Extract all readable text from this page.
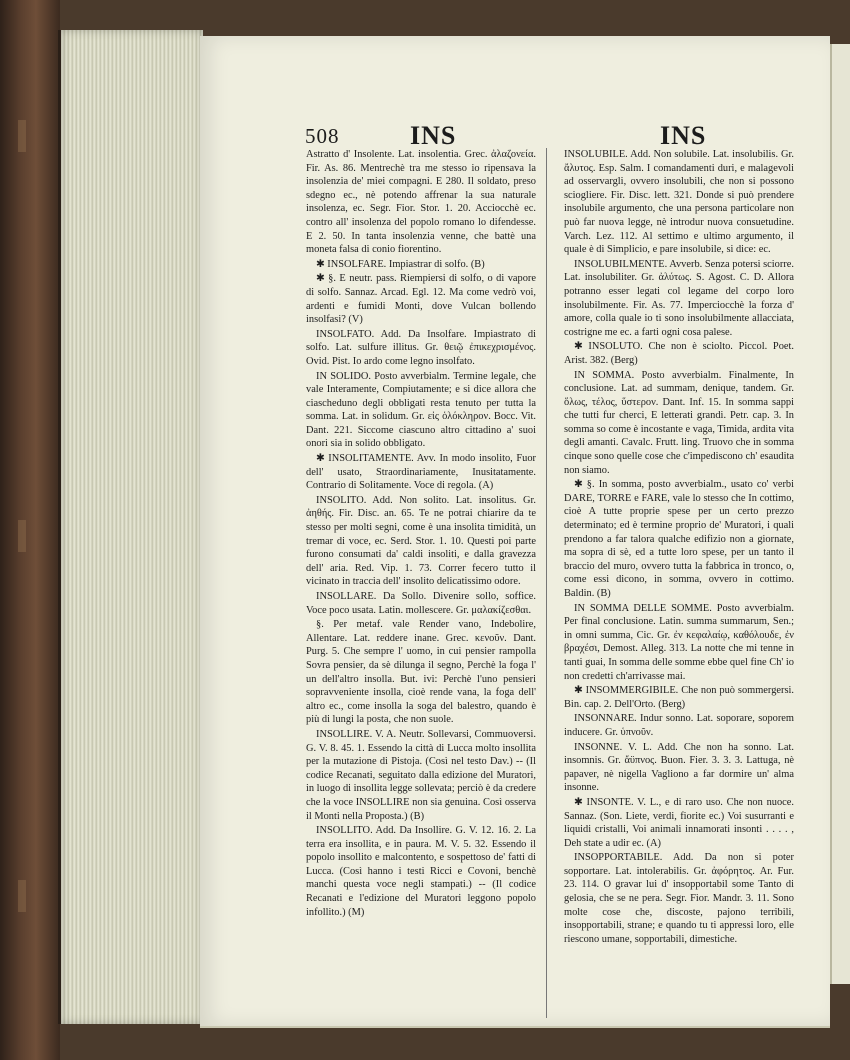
508	INS	INS

Astratto d' Insolente. Lat. insolentia. Grec. ἀλαζονεία. Fir. As. 86. Mentrechè tra me stesso io ripensava la insolenzia de' miei compagni. E 280. Il soldato, preso sdegno ec., nè potendo affrenar la sua naturale insolenza, ec. Segr. Fior. Stor. 1. 20. Acciocchè ec. contro all' insolenza del popolo romano lo difendesse. E 2. 50. In tanta insolenzia venne, che battè una moneta falsa di conio fiorentino.

✱ INSOLFARE. Impiastrar di solfo. (B)

✱ §. E neutr. pass. Riempiersi di solfo, o di vapore di solfo. Sannaz. Arcad. Egl. 12. Ma come vedrò voi, ardenti e fumidi Monti, dove Vulcan bollendo insolfasi? (V)

INSOLFATO. Add. Da Insolfare. Impiastrato di solfo. Lat. sulfure illitus. Gr. θειῷ ἐπικεχρισμένος. Ovid. Pist. Io ardo come legno insolfato.

IN SOLIDO. Posto avverbialm. Termine legale, che vale Interamente, Compiutamente; e si dice allora che ciascheduno degli obbligati resta tenuto per tutta la somma. Lat. in solidum. Gr. εἰς ὁλόκληρον. Bocc. Vit. Dant. 221. Siccome ciascuno altro cittadino a' suoi onori sia in solido obbligato.

✱ INSOLITAMENTE. Avv. In modo insolito, Fuor dell' usato, Straordinariamente, Inusitatamente. Contrario di Solitamente. Voce di regola. (A)

INSOLITO. Add. Non solito. Lat. insolitus. Gr. ἀηθής. Fir. Disc. an. 65. Te ne potrai chiarire da te stesso per molti segni, come è una insolita timidità, un tremar di voce, ec. Serd. Stor. 1. 10. Questi poi parte furono consumati da' caldi insoliti, e dalla gravezza dell' aria. Red. Vip. 1. 73. Correr fecero tutto il vicinato in traccia dell' insolito delicatissimo odore.

INSOLLARE. Da Sollo. Divenire sollo, soffice. Voce poco usata. Latin. mollescere. Gr. μαλακίζεσθαι.

§. Per metaf. vale Render vano, Indebolire, Allentare. Lat. reddere inane. Grec. κενοῦν. Dant. Purg. 5. Che sempre l' uomo, in cui pensier rampolla Sovra pensier, da sè dilunga il segno, Perchè la foga l' un dell'altro insolla. But. ivi: Perchè l'uno pensieri sopravveniente insolla, cioè rende vana, la foga dell' altro ec., come insolla la soga del balestro, quando è più di lungi la posta, che non suole.

INSOLLIRE. V. A. Neutr. Sollevarsi, Commuoversi. G. V. 8. 45. 1. Essendo la città di Lucca molto insollita per la mutazione di Pistoja. (Così nel testo Dav.) -- (Il codice Recanati, seguitato dalla edizione del Muratori, in luogo di insollita legge sollevata; perciò è da credere che la voce INSOLLIRE non sia genuina. Così osserva il Monti nella Proposta.) (B)

INSOLLITO. Add. Da Insollire. G. V. 12. 16. 2. La terra era insollita, e in paura. M. V. 5. 32. Essendo il popolo insollito e malcontento, e sospettoso de' fatti di Lucca. (Così hanno i testi Ricci e Covoni, benchè manchi questa voce negli stampati.) -- (Il codice Recanati e l'edizione del Muratori leggono popolo infollito.) (M)

INSOLUBILE. Add. Non solubile. Lat. insolubilis. Gr. ἄλυτος. Esp. Salm. I comandamenti duri, e malagevoli ad osservargli, ovvero insolubili, che non si possono sciogliere. Fir. Disc. lett. 321. Donde si può prendere insolubile argumento, che una persona particolare non può far nuova legge, nè introdur nuova consuetudine. Varch. Lez. 112. Al settimo e ultimo argumento, il quale è di Simplicio, e pare insolubile, si dice: ec.

INSOLUBILMENTE. Avverb. Senza potersi sciorre. Lat. insolubiliter. Gr. ἀλύτως. S. Agost. C. D. Allora potranno esser legati col legame del corpo loro insolubilmente. Fir. As. 77. Imperciocchè la forza d' amore, colla quale io ti sono insolubilmente allacciata, costrigne me ec. a farti ogni cosa palese.

✱ INSOLUTO. Che non è sciolto. Piccol. Poet. Arist. 382. (Berg)

IN SOMMA. Posto avverbialm. Finalmente, In conclusione. Lat. ad summam, denique, tandem. Gr. ὅλως, τέλος, ὕστερον. Dant. Inf. 15. In somma sappi che tutti fur cherci, E letterati grandi. Petr. cap. 3. In somma so come è incostante e vaga, Timida, ardita vita degli amanti. Cavalc. Frutt. ling. Truovo che in somma cinque sono quelle cose che c'impediscono ch' esaudita non siamo.

✱ §. In somma, posto avverbialm., usato co' verbi DARE, TORRE e FARE, vale lo stesso che In cottimo, cioè A tutte proprie spese per un certo prezzo determinato; ed è termine proprio de' Muratori, i quali prendono a far talora qualche edifizio non a giornate, ma sopra di sè, ed a tutte loro spese, per un tanto il braccio del muro, ovvero tutta la fabbrica in tronco, o, come essi dicono, in somma, ovvero in cottimo. Baldin. (B)

IN SOMMA DELLE SOMME. Posto avverbialm. Per final conclusione. Latin. summa summarum, Sen.; in omni summa, Cic. Gr. ἐν κεφαλαίῳ, καθόλουδε, ἐν βραχέσι, Demost. Alleg. 313. La notte che mi tenne in tanti guai, In somma delle somme ebbe quel fine Ch' io non credetti ch'arrivasse mai.

✱ INSOMMERGIBILE. Che non può sommergersi. Bin. cap. 2. Dell'Orto. (Berg)

INSONNARE. Indur sonno. Lat. soporare, soporem inducere. Gr. ὑπνοῦν.

INSONNE. V. L. Add. Che non ha sonno. Lat. insomnis. Gr. ἄϋπνος. Buon. Fier. 3. 3. 3. Lattuga, nè papaver, nè nigella Vagliono a far dormire un' alma insonne.

✱ INSONTE. V. L., e di raro uso. Che non nuoce. Sannaz. (Son. Liete, verdi, fiorite ec.) Voi susurranti e liquidi cristalli, Voi animali innamorati insonti . . . . , Deh state a udir ec. (A)

INSOPPORTABILE. Add. Da non si poter sopportare. Lat. intolerabilis. Gr. ἀφόρητος. Ar. Fur. 23. 114. O gravar lui d' insopportabil some Tanto di gelosia, che se ne pera. Segr. Fior. Mandr. 3. 11. Sono molte cose che, discoste, pajono terribili, insopportabili, strane; e quando tu ti appressi loro, elle riescono umane, sopportabili, dimestiche.
